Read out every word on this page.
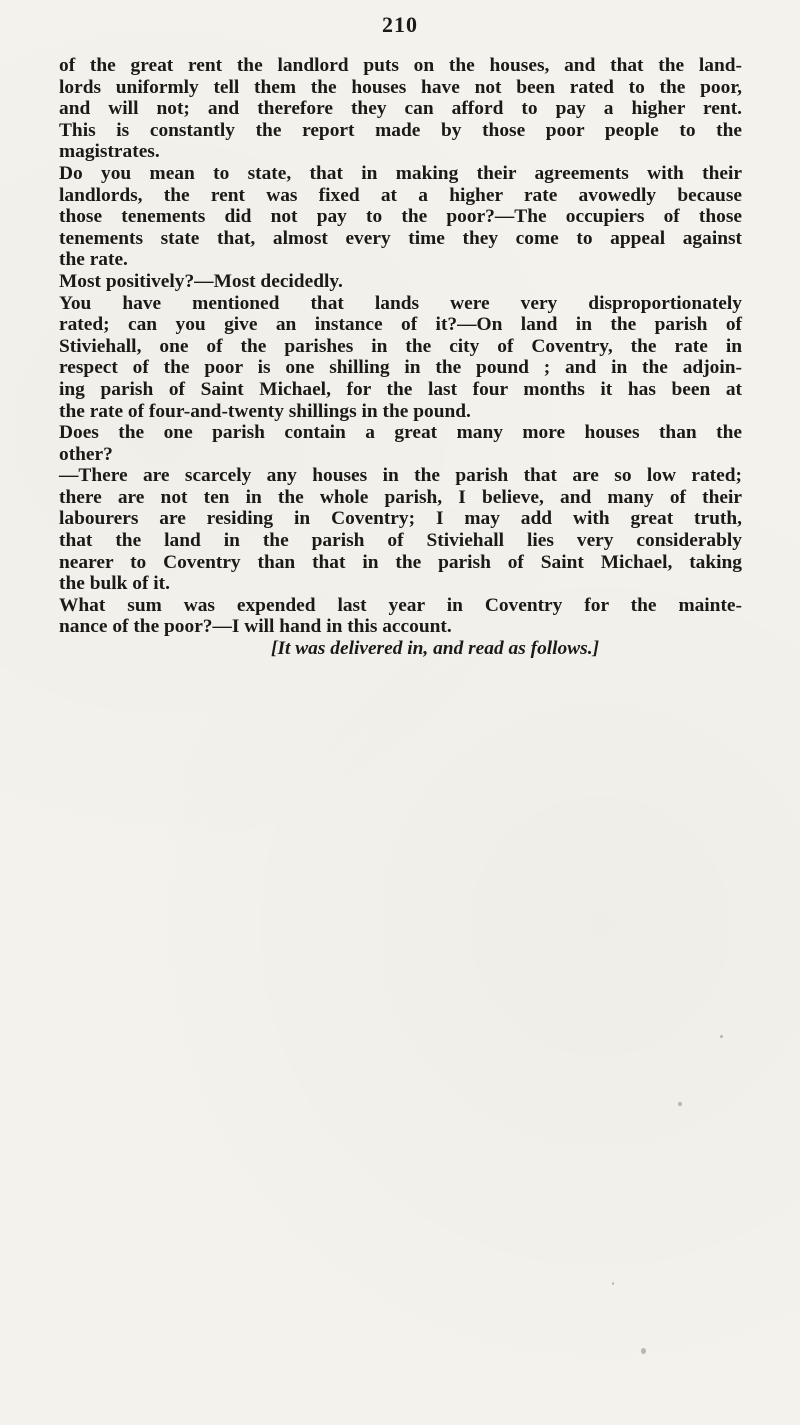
210
of the great rent the landlord puts on the houses, and that the land-
lords uniformly tell them the houses have not been rated to the poor,
and will not; and therefore they can afford to pay a higher rent.
This is constantly the report made by those poor people to the
magistrates.
Do you mean to state, that in making their agreements with their
landlords, the rent was fixed at a higher rate avowedly because
those tenements did not pay to the poor?—The occupiers of those
tenements state that, almost every time they come to appeal against
the rate.
Most positively?—Most decidedly.
You have mentioned that lands were very disproportionately
rated; can you give an instance of it?—On land in the parish of
Stiviehall, one of the parishes in the city of Coventry, the rate in
respect of the poor is one shilling in the pound ; and in the adjoin-
ing parish of Saint Michael, for the last four months it has been at
the rate of four-and-twenty shillings in the pound.
Does the one parish contain a great many more houses than the
other?
—There are scarcely any houses in the parish that are so low rated;
there are not ten in the whole parish, I believe, and many of their
labourers are residing in Coventry; I may add with great truth,
that the land in the parish of Stiviehall lies very considerably
nearer to Coventry than that in the parish of Saint Michael, taking
the bulk of it.
What sum was expended last year in Coventry for the mainte-
nance of the poor?—I will hand in this account.
[It was delivered in, and read as follows.]
